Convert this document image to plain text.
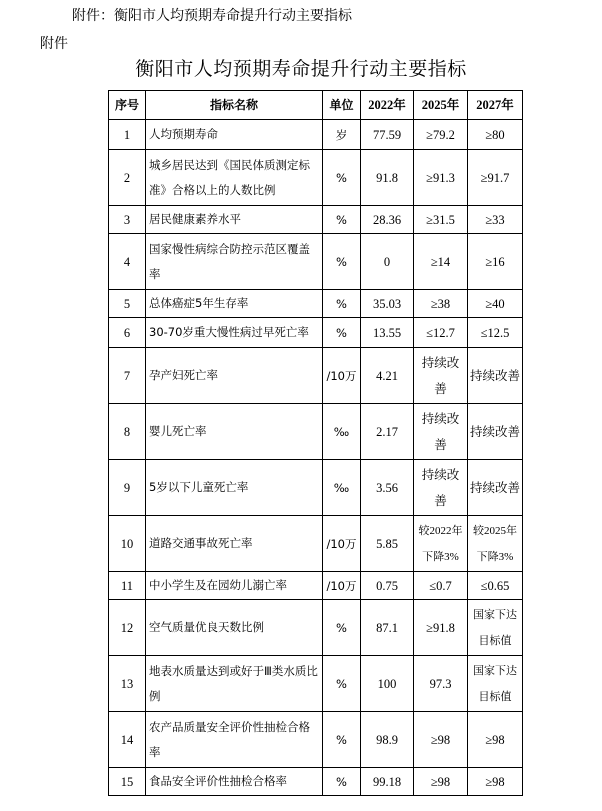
附件：衡阳市人均预期寿命提升行动主要指标
附件
衡阳市人均预期寿命提升行动主要指标
序号	指标名称	单位	2022年	2025年	2027年
1	人均预期寿命	岁	77.59	≥79.2	≥80
2	城乡居民达到《国民体质测定标准》合格以上的人数比例	%	91.8	≥91.3	≥91.7
3	居民健康素养水平	%	28.36	≥31.5	≥33
4	国家慢性病综合防控示范区覆盖率	%	0	≥14	≥16
5	总体癌症5年生存率	%	35.03	≥38	≥40
6	30-70岁重大慢性病过早死亡率	%	13.55	≤12.7	≤12.5
7	孕产妇死亡率	/10万	4.21	持续改善	持续改善
8	婴儿死亡率	‰	2.17	持续改善	持续改善
9	5岁以下儿童死亡率	‰	3.56	持续改善	持续改善
10	道路交通事故死亡率	/10万	5.85	较2022年下降3%	较2025年下降3%
11	中小学生及在园幼儿溺亡率	/10万	0.75	≤0.7	≤0.65
12	空气质量优良天数比例	%	87.1	≥91.8	国家下达目标值
13	地表水质量达到或好于Ⅲ类水质比例	%	100	97.3	国家下达目标值
14	农产品质量安全评价性抽检合格率	%	98.9	≥98	≥98
15	食品安全评价性抽检合格率	%	99.18	≥98	≥98
